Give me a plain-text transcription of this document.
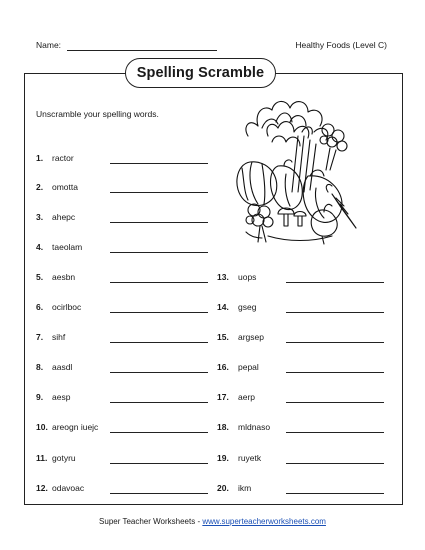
Name:	Healthy Foods (Level C)
Spelling Scramble
Unscramble your spelling words.
1. ractor
2. omotta
3. ahepc
4. taeolam
5. aesbn
6. ocirlboc
7. sihf
8. aasdl
9. aesp
10. areogn iuejc
11. gotyru
12. odavoac
13. uops
14. gseg
15. argsep
16. pepal
17. aerp
18. mldnaso
19. ruyetk
20. ikm
Super Teacher Worksheets - www.superteacherworksheets.com
